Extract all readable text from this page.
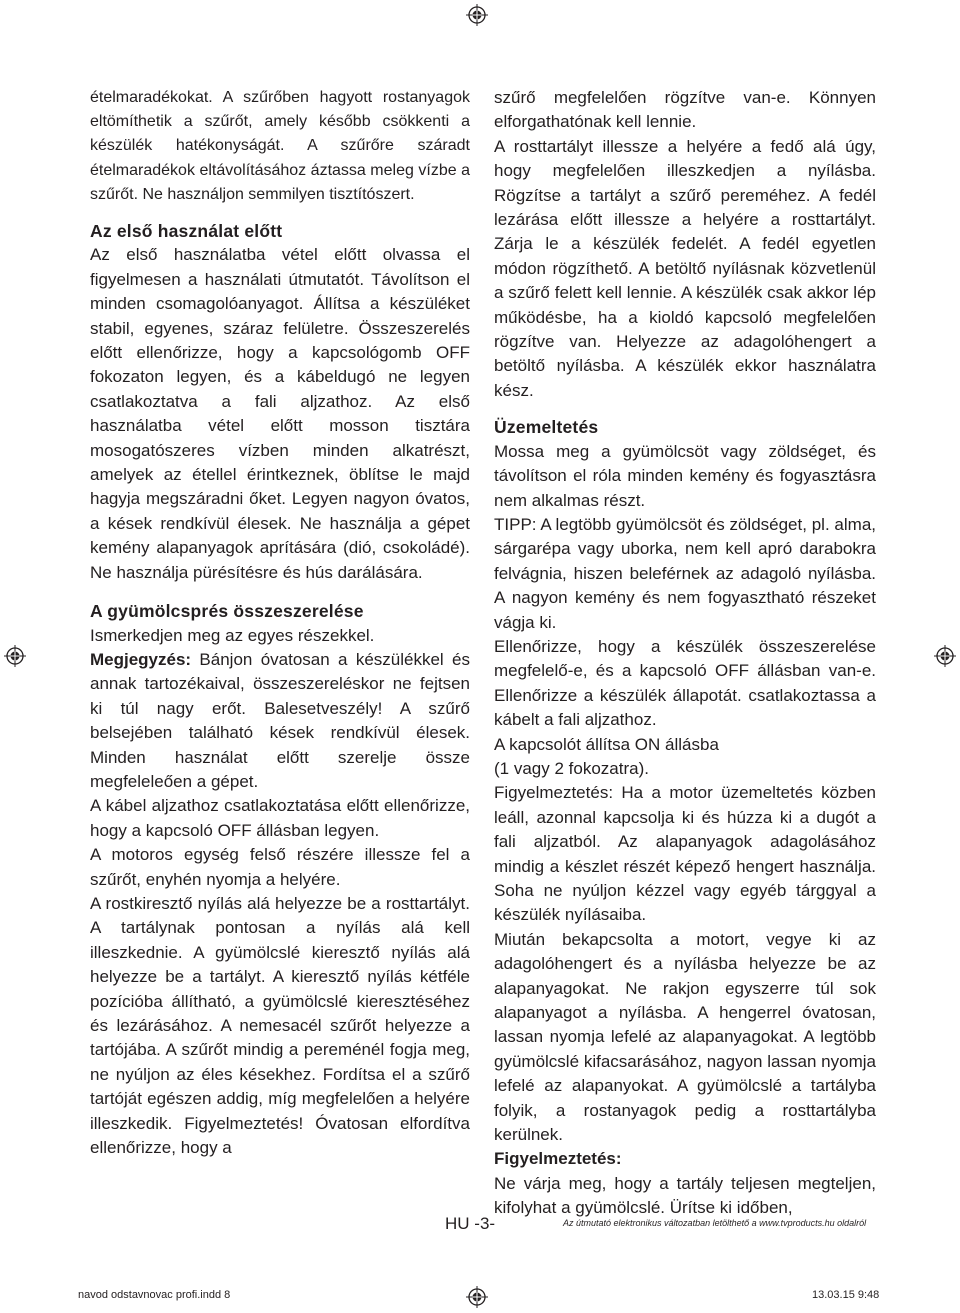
ételmaradékokat. A szűrőben hagyott rostanyagok eltömíthetik a szűrőt, amely később csökkenti a készülék hatékonyságát. A szűrőre száradt ételmaradékok eltávolításához áztassa meleg vízbe a szűrőt. Ne használjon semmilyen tisztítószert.

Az első használat előtt

Az első használatba vétel előtt olvassa el figyelmesen a használati útmutatót. Távolítson el minden csomagolóanyagot. Állítsa a készüléket stabil, egyenes, száraz felületre. Összeszerelés előtt ellenőrizze, hogy a kapcsológomb OFF fokozaton legyen, és a kábeldugó ne legyen csatlakoztatva a fali aljzathoz. Az első használatba vétel előtt mosson tisztára mosogatószeres vízben minden alkatrészt, amelyek az étellel érintkeznek, öblítse le majd hagyja megszáradni őket. Legyen nagyon óvatos, a kések rendkívül élesek. Ne használja a gépet kemény alapanyagok aprítására (dió, csokoládé). Ne használja pürésítésre és hús darálására.

A gyümölcsprés összeszerelése

Ismerkedjen meg az egyes részekkel.

Megjegyzés: Bánjon óvatosan a készülékkel és annak tartozékaival, összeszereléskor ne fejtsen ki túl nagy erőt. Balesetveszély! A szűrő belsejében található kések rendkívül élesek. Minden használat előtt szerelje össze megfeleleően a gépet.

A kábel aljzathoz csatlakoztatása előtt ellenőrizze, hogy a kapcsoló OFF állásban legyen.

A motoros egység felső részére illessze fel a szűrőt, enyhén nyomja a helyére.

A rostkiresztő nyílás alá helyezze be a rosttartályt. A tartálynak pontosan a nyílás alá kell illeszkednie. A gyümölcslé kieresztő nyílás alá helyezze be a tartályt. A kieresztő nyílás kétféle pozícióba állítható, a gyümölcslé kieresztéséhez és lezárásához. A nemesacél szűrőt helyezze a tartójába. A szűrőt mindig a pereménél fogja meg, ne nyúljon az éles késekhez. Fordítsa el a szűrő tartóját egészen addig, míg megfelelően a helyére illeszkedik. Figyelmeztetés! Óvatosan elfordítva ellenőrizze, hogy a

szűrő megfelelően rögzítve van-e. Könnyen elforgathatónak kell lennie.

A rosttartályt illessze a helyére a fedő alá úgy, hogy megfelelően illeszkedjen a nyílásba. Rögzítse a tartályt a szűrő pereméhez. A fedél lezárása előtt illessze a helyére a rosttartályt. Zárja le a készülék fedelét. A fedél egyetlen módon rögzíthető. A betöltő nyílásnak közvetlenül a szűrő felett kell lennie. A készülék csak akkor lép működésbe, ha a kioldó kapcsoló megfelelően rögzítve van. Helyezze az adagolóhengert a betöltő nyílásba. A készülék ekkor használatra kész.

Üzemeltetés

Mossa meg a gyümölcsöt vagy zöldséget, és távolítson el róla minden kemény és fogyasztásra nem alkalmas részt.

TIPP: A legtöbb gyümölcsöt és zöldséget, pl. alma, sárgarépa vagy uborka, nem kell apró darabokra felvágnia, hiszen beleférnek az adagoló nyílásba. A nagyon kemény és nem fogyasztható részeket vágja ki.

Ellenőrizze, hogy a készülék összeszerelése megfelelő-e, és a kapcsoló OFF állásban van-e. Ellenőrizze a készülék állapotát. csatlakoztassa a kábelt a fali aljzathoz.

A kapcsolót állítsa ON állásba

(1 vagy 2 fokozatra).

Figyelmeztetés: Ha a motor üzemeltetés közben leáll, azonnal kapcsolja ki és húzza ki a dugót a fali aljzatból. Az alapanyagok adagolásához mindig a készlet részét képező hengert használja. Soha ne nyúljon kézzel vagy egyéb tárggyal a készülék nyílásaiba.

Miután bekapcsolta a motort, vegye ki az adagolóhengert és a nyílásba helyezze be az alapanyagokat. Ne rakjon egyszerre túl sok alapanyagot a nyílásba. A hengerrel óvatosan, lassan nyomja lefelé az alapanyagokat. A legtöbb gyümölcslé kifacsarásához, nagyon lassan nyomja lefelé az alapanyokat. A gyümölcslé a tartályba folyik, a rostanyagok pedig a rosttartályba kerülnek.

Figyelmeztetés:

Ne várja meg, hogy a tartály teljesen megteljen, kifolyhat a gyümölcslé. Ürítse ki időben,

HU -3-	Az útmutató elektronikus változatban letölthető a www.tvproducts.hu oldalról
navod odstavnovac profi.indd 8	13.03.15 9:48
